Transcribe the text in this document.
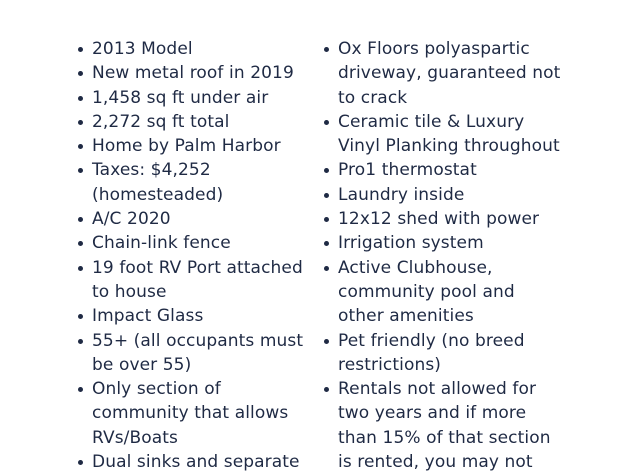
2013 Model
New metal roof in 2019
1,458 sq ft under air
2,272 sq ft total
Home by Palm Harbor
Taxes: $4,252
(homesteaded)
A/C 2020
Chain-link fence
19 foot RV Port attached
to house
Impact Glass
55+ (all occupants must
be over 55)
Only section of
community that allows
RVs/Boats
Dual sinks and separate
Ox Floors polyaspartic
driveway, guaranteed not
to crack
Ceramic tile & Luxury
Vinyl Planking throughout
Pro1 thermostat
Laundry inside
12x12 shed with power
Irrigation system
Active Clubhouse,
community pool and
other amenities
Pet friendly (no breed
restrictions)
Rentals not allowed for
two years and if more
than 15% of that section
is rented, you may not
